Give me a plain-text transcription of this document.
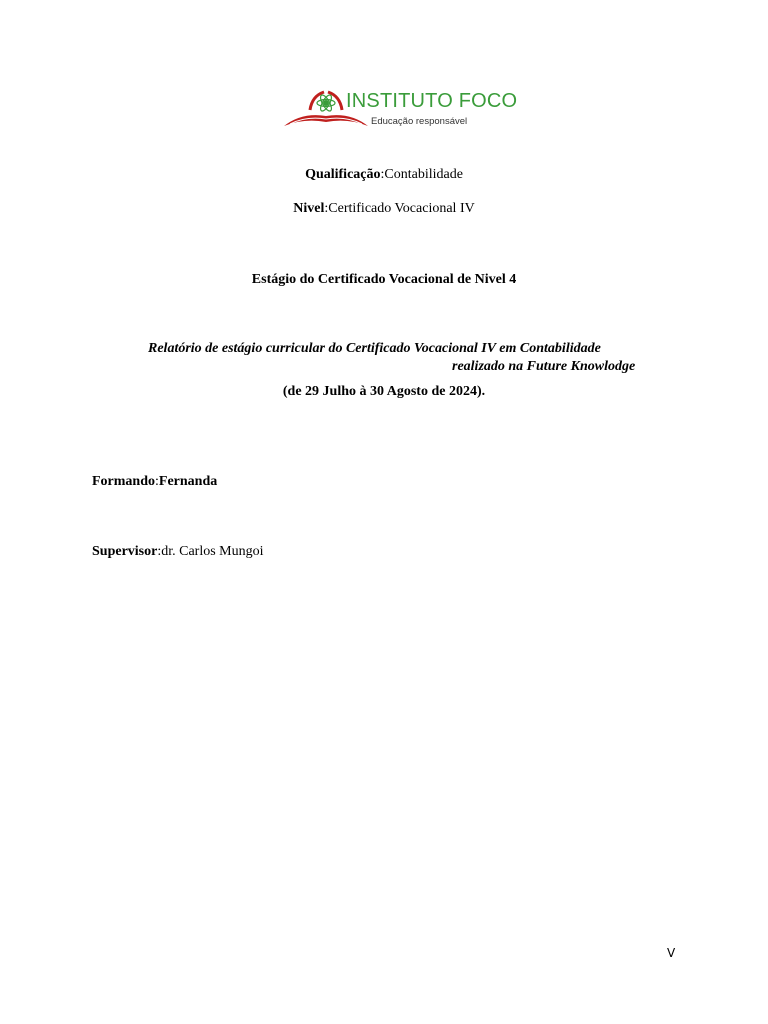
INSTITUTO FOCO
Educação responsável
Qualificação:Contabilidade
Nivel:Certificado Vocacional IV
Estágio do Certificado Vocacional de Nivel 4
Relatório de estágio curricular do Certificado Vocacional IV em Contabilidade
realizado na Future Knowlodge
(de 29 Julho à 30 Agosto de 2024).
Formando:Fernanda
Supervisor:dr. Carlos Mungoi
V
